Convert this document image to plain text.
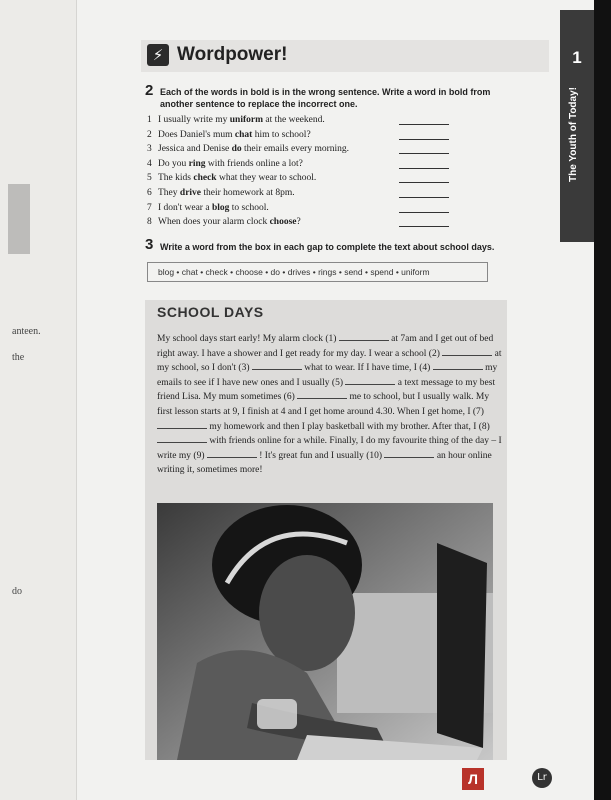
anteen.
the
do
⚡ Wordpower!	1
The Youth of Today!
2 Each of the words in bold is in the wrong sentence. Write a word in bold from
another sentence to replace the incorrect one.
1 I usually write my uniform at the weekend.
2 Does Daniel's mum chat him to school?
3 Jessica and Denise do their emails every morning.
4 Do you ring with friends online a lot?
5 The kids check what they wear to school.
6 They drive their homework at 8pm.
7 I don't wear a blog to school.
8 When does your alarm clock choose?
3 Write a word from the box in each gap to complete the text about school days.
blog • chat • check • choose • do • drives • rings • send • spend • uniform
SCHOOL DAYS

My school days start early! My alarm clock (1)	at 7am and I get out of bed right away. I have a shower and I get ready for my day. I wear a school (2)	at my school, so I don't (3)	what to wear. If I have time, I (4)	my emails to see if I have new ones and I usually (5)	a text message to my best friend Lisa. My mum sometimes (6)	me to school, but I usually walk. My first lesson starts at 9, I finish at 4 and I get home around 4.30. When I get home, I (7)  my homework and then I play basketball with my brother. After that, I (8)  with friends online for a while. Finally, I do my favourite thing of the day – I write my (9)	! It's great fun and I usually (10)	an hour online writing it, sometimes more!

Л	Lr
